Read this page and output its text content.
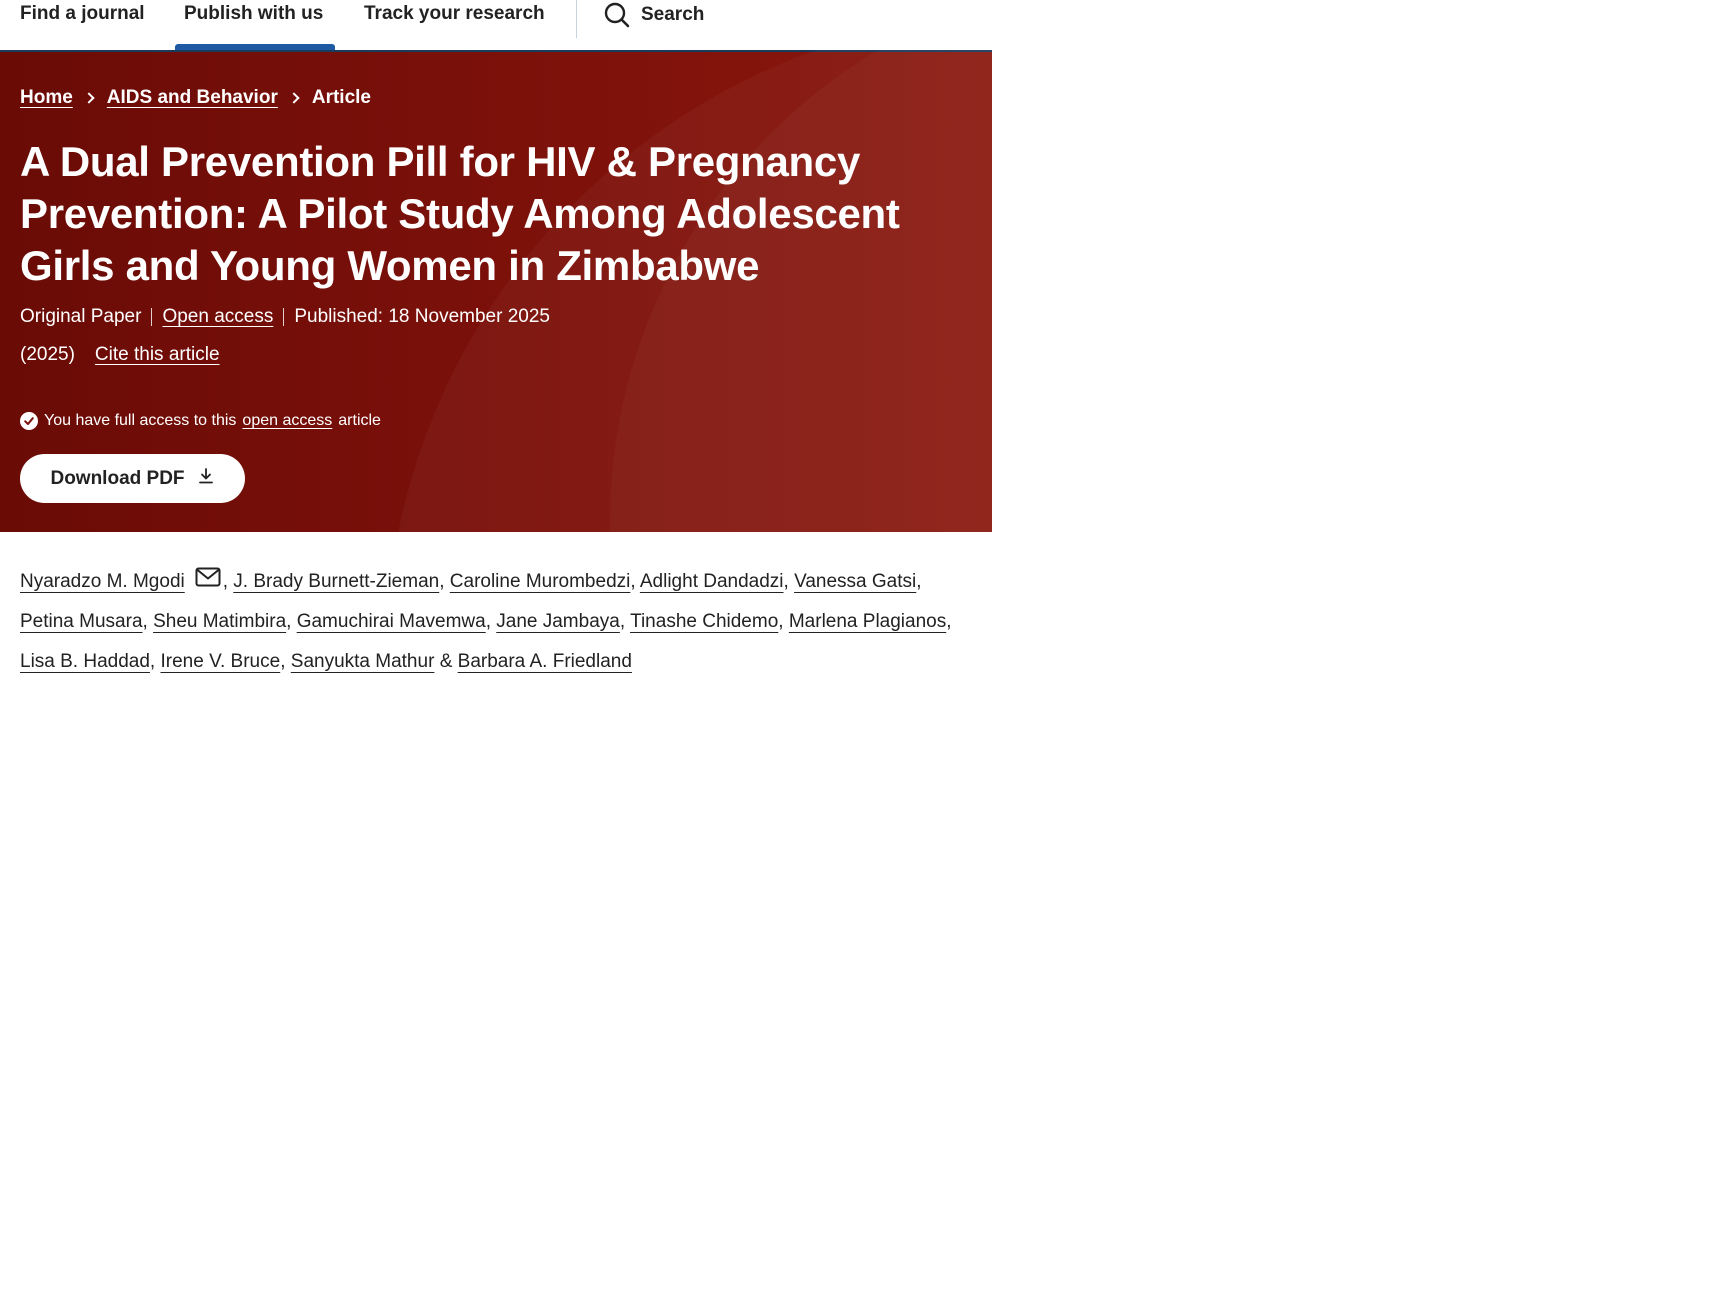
Find a journal Publish with us Track your research	Search
Home AIDS and Behavior Article
A Dual Prevention Pill for HIV & Pregnancy Prevention: A Pilot Study Among Adolescent Girls and Young Women in Zimbabwe
Original Paper Open access Published: 18 November 2025
(2025) Cite this article
You have full access to this open access article
Download PDF
Nyaradzo M. Mgodi , J. Brady Burnett-Zieman, Caroline Murombedzi, Adlight Dandadzi, Vanessa Gatsi, Petina Musara, Sheu Matimbira, Gamuchirai Mavemwa, Jane Jambaya, Tinashe Chidemo, Marlena Plagianos, Lisa B. Haddad, Irene V. Bruce, Sanyukta Mathur & Barbara A. Friedland
